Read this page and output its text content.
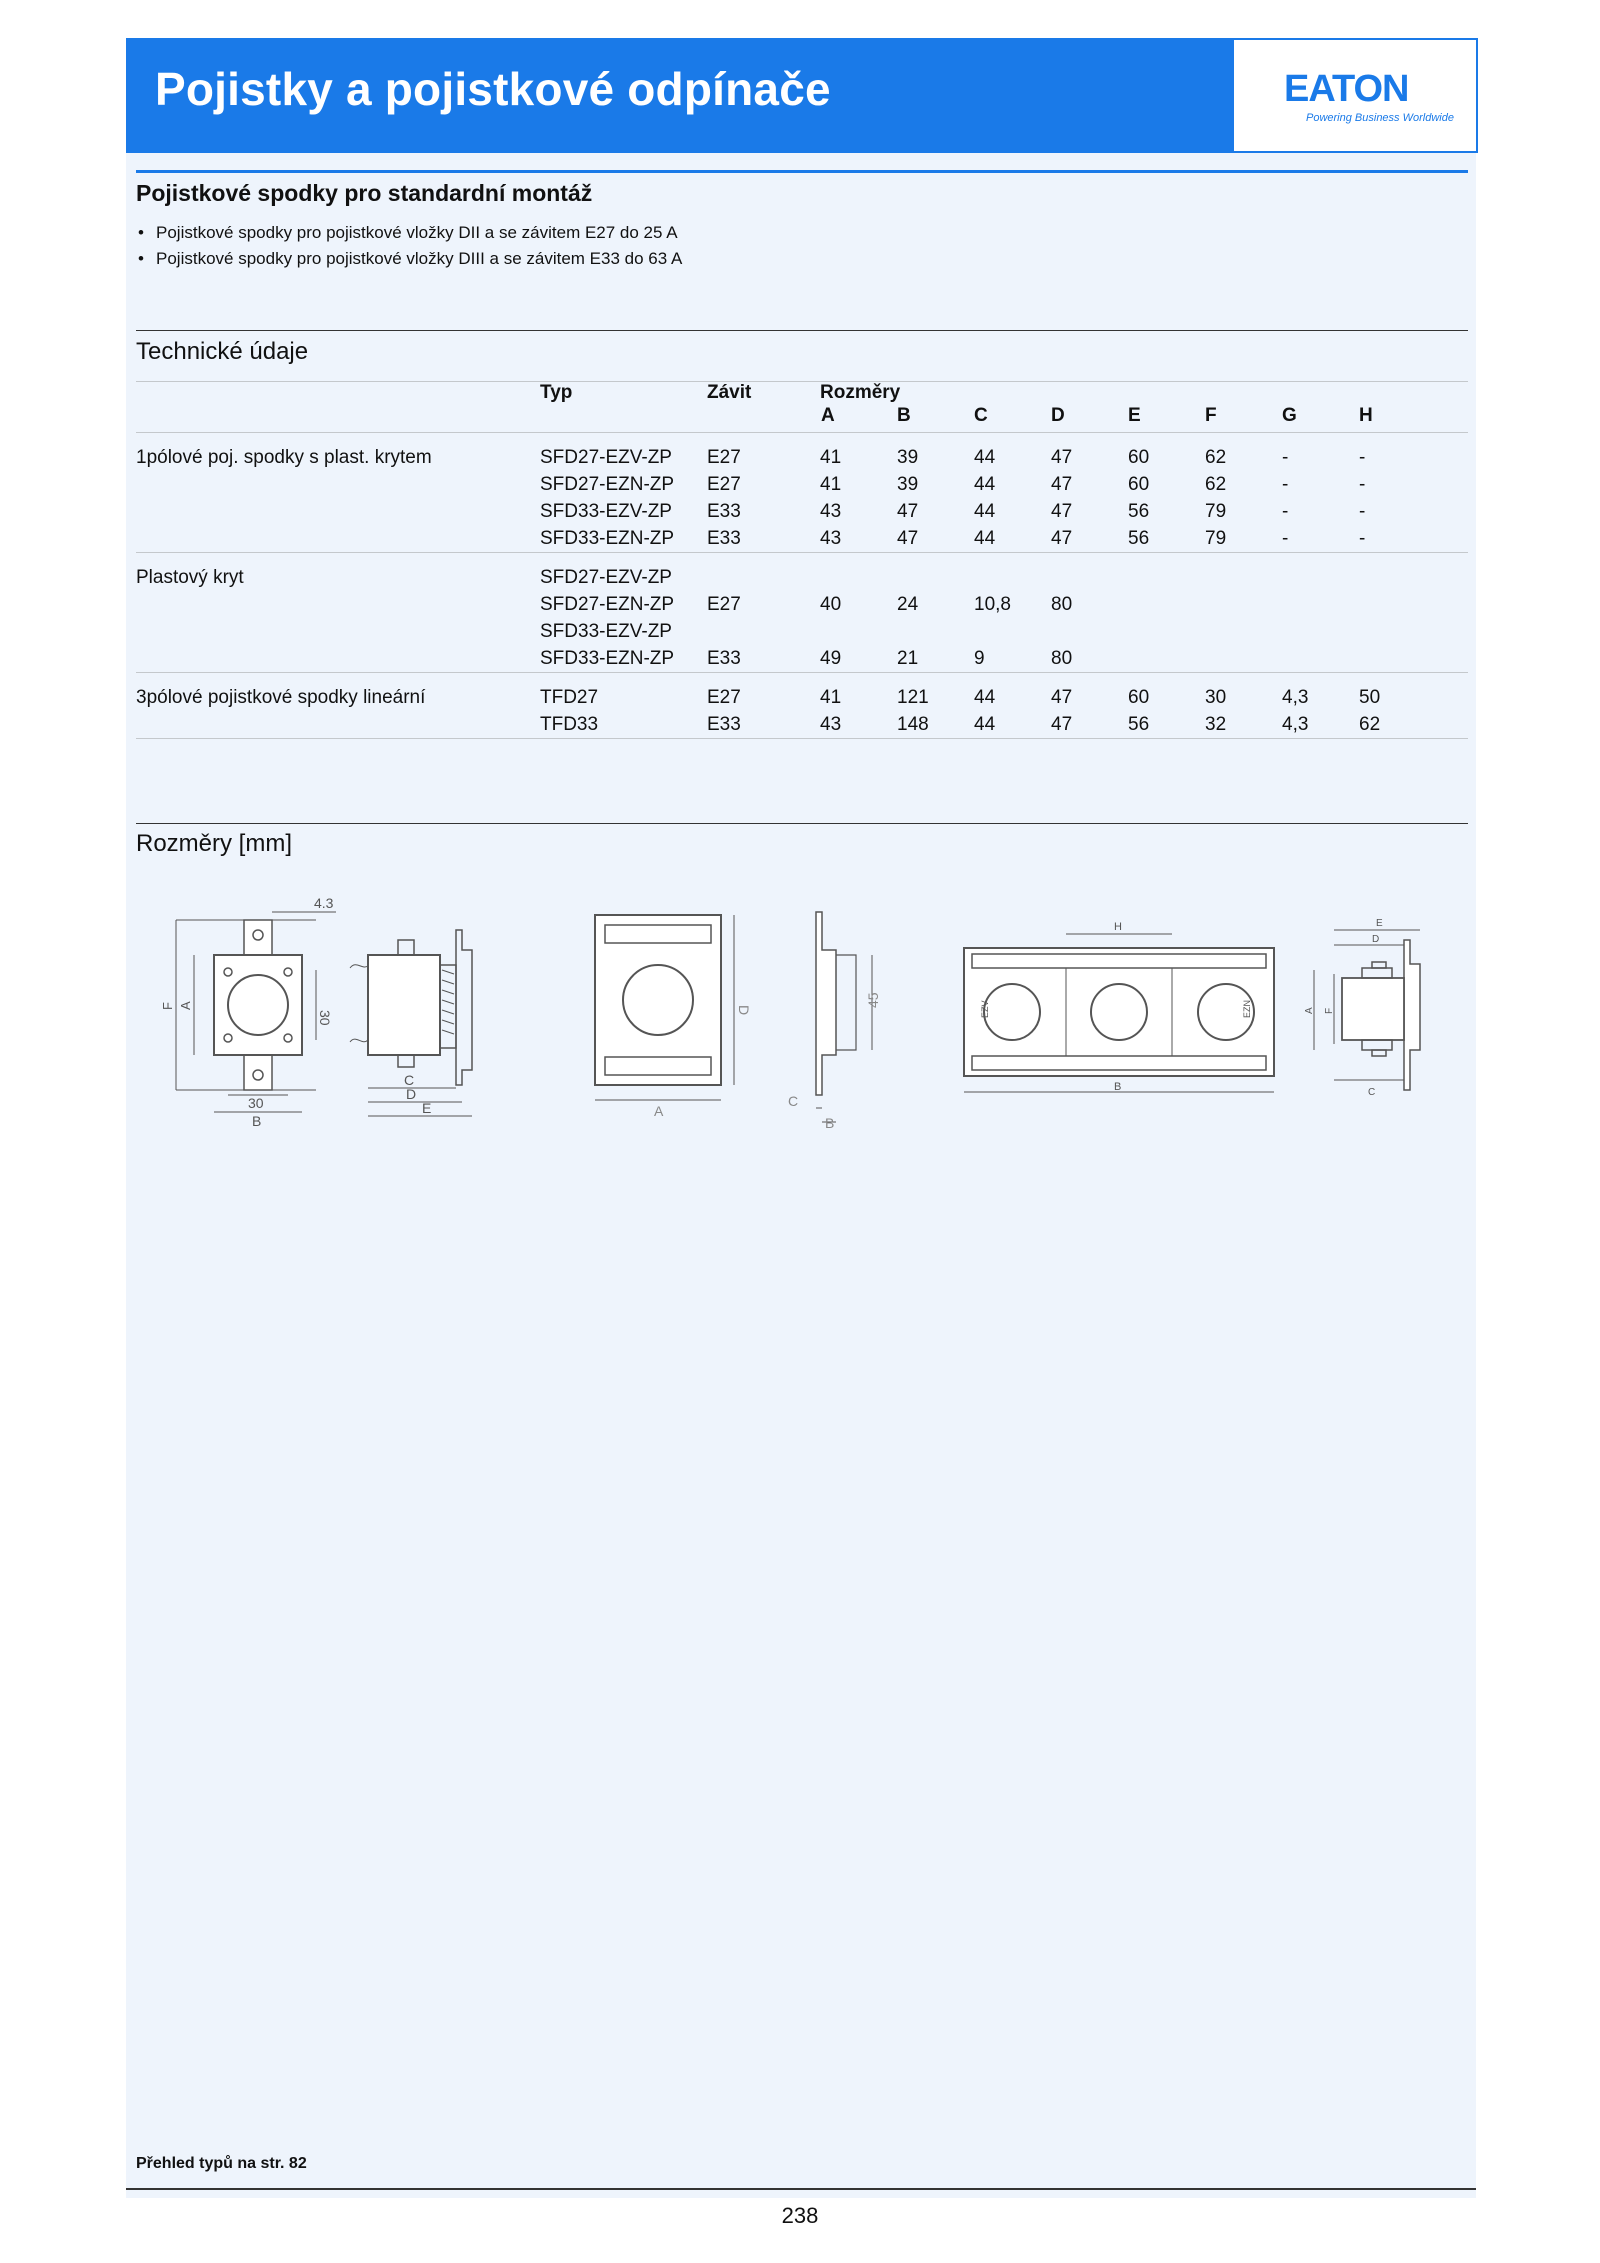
Pojistky a pojistkové odpínače	EATON
Powering Business Worldwide
Pojistkové spodky pro standardní montáž
• Pojistkové spodky pro pojistkové vložky DII a se závitem E27 do 25 A
• Pojistkové spodky pro pojistkové vložky DIII a se závitem E33 do 63 A
Technické údaje
	Typ	Závit	Rozměry							
			A	B	C	D	E	F	G	H

1pólové poj. spodky s plast. krytem	SFD27-EZV-ZP	E27	41	39	44	47	60	62	-	-
	SFD27-EZN-ZP	E27	41	39	44	47	60	62	-	-
	SFD33-EZV-ZP	E33	43	47	44	47	56	79	-	-
	SFD33-EZN-ZP	E33	43	47	44	47	56	79	-	-

Plastový kryt	SFD27-EZV-ZP									
	SFD27-EZN-ZP	E27	40	24	10,8	80				
	SFD33-EZV-ZP									
	SFD33-EZN-ZP	E33	49	21	9	80				

3pólové pojistkové spodky lineární	TFD27	E27	41	121	44	47	60	30	4,3	50
	TFD33	E33	43	148	44	47	56	32	4,3	62
Rozměry [mm]
4.3
30
30
B
F A
C
D
E	A
D
45
C
B
H
B
EZV	EZN
E
D
A F
C
Přehled typů na str. 82
238
